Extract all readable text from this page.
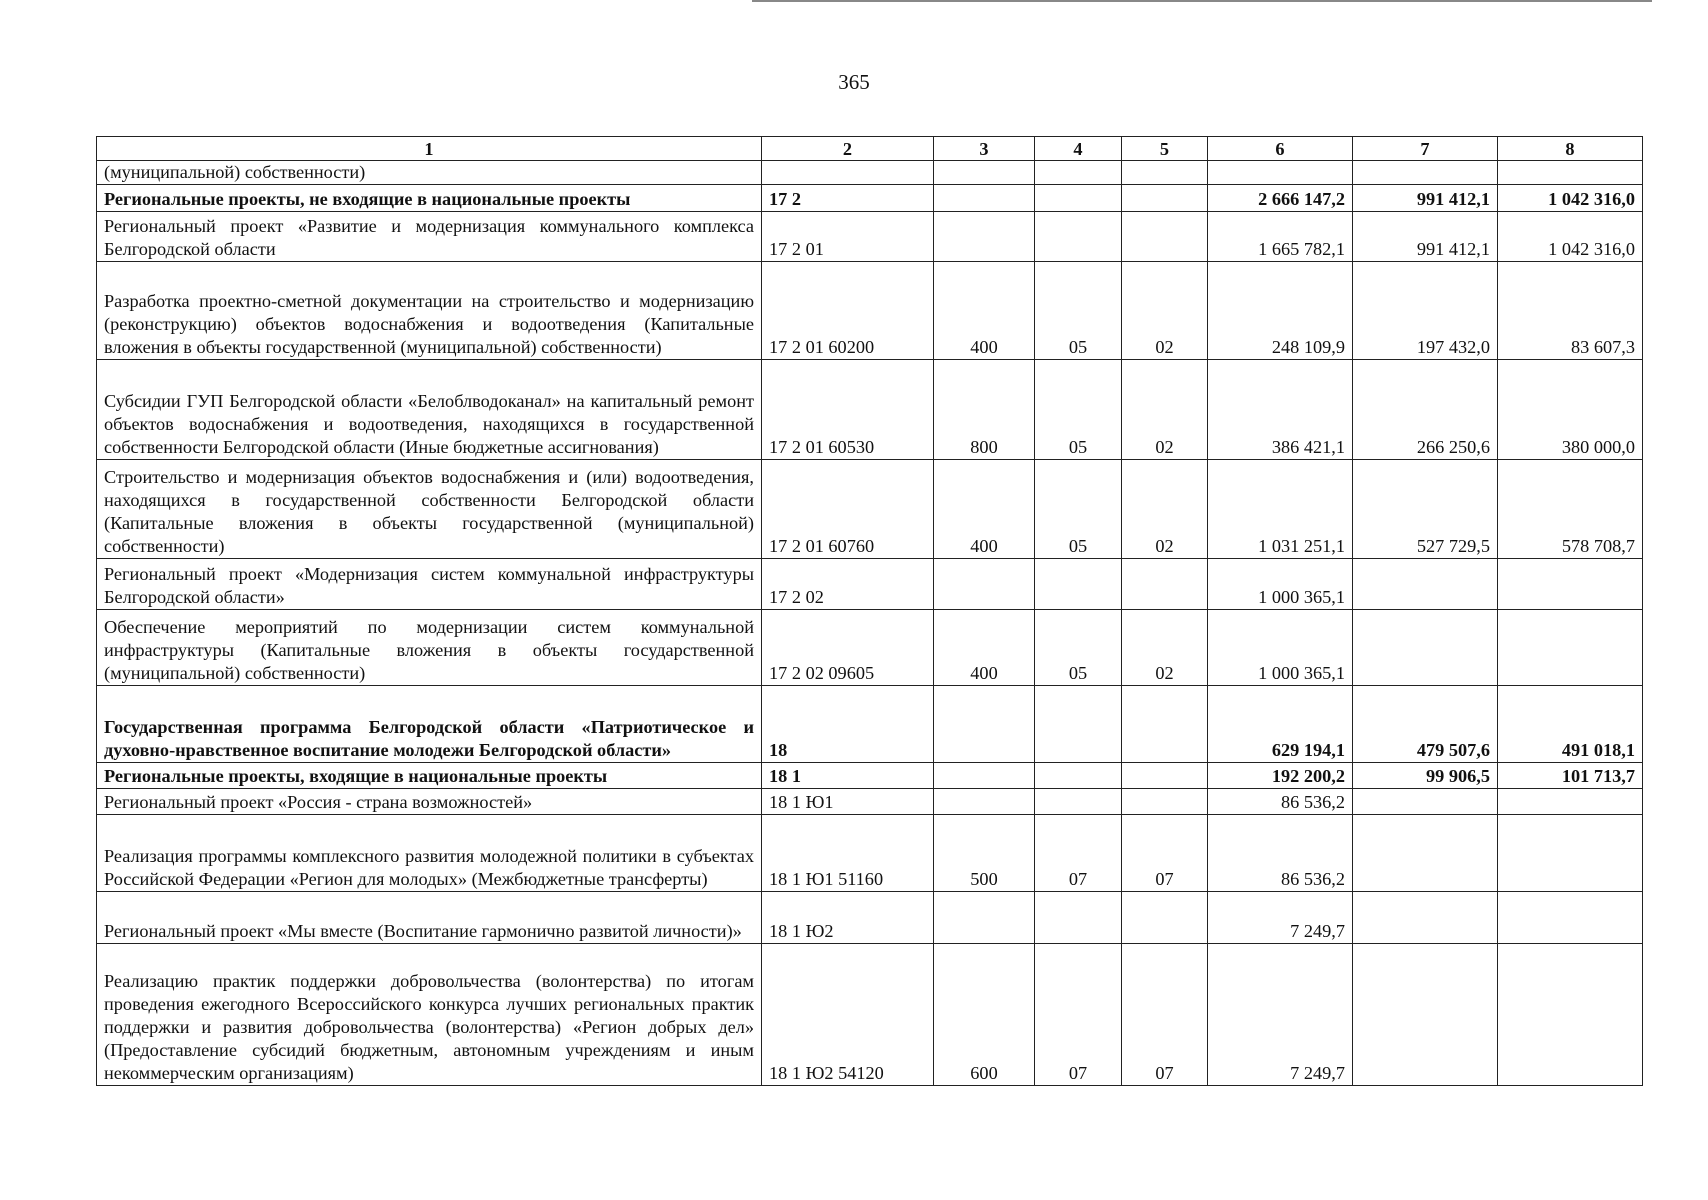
365
1	2	3	4	5	6	7	8
(муниципальной) собственности)							
Региональные проекты, не входящие в национальные проекты	17 2				2 666 147,2	991 412,1	1 042 316,0
Региональный проект «Развитие и модернизация коммунального комплекса Белгородской области	17 2 01				1 665 782,1	991 412,1	1 042 316,0
Разработка проектно-сметной документации на строительство и модернизацию (реконструкцию) объектов водоснабжения и водоотведения (Капитальные вложения в объекты государственной (муниципальной) собственности)	17 2 01 60200	400	05	02	248 109,9	197 432,0	83 607,3
Субсидии ГУП Белгородской области «Белоблводоканал» на капитальный ремонт объектов водоснабжения и водоотведения, находящихся в государственной собственности Белгородской области (Иные бюджетные ассигнования)	17 2 01 60530	800	05	02	386 421,1	266 250,6	380 000,0
Строительство и модернизация объектов водоснабжения и (или) водоотведения, находящихся в государственной собственности Белгородской области (Капитальные вложения в объекты государственной (муниципальной) собственности)	17 2 01 60760	400	05	02	1 031 251,1	527 729,5	578 708,7
Региональный проект «Модернизация систем коммунальной инфраструктуры Белгородской области»	17 2 02				1 000 365,1		
Обеспечение мероприятий по модернизации систем коммунальной инфраструктуры (Капитальные вложения в объекты государственной (муниципальной) собственности)	17 2 02 09605	400	05	02	1 000 365,1		
Государственная программа Белгородской области «Патриотическое и духовно-нравственное воспитание молодежи Белгородской области»	18				629 194,1	479 507,6	491 018,1
Региональные проекты, входящие в национальные проекты	18 1				192 200,2	99 906,5	101 713,7
Региональный проект «Россия - страна возможностей»	18 1 Ю1				86 536,2		
Реализация программы комплексного развития молодежной политики в субъектах Российской Федерации «Регион для молодых» (Межбюджетные трансферты)	18 1 Ю1 51160	500	07	07	86 536,2		
Региональный проект «Мы вместе (Воспитание гармонично развитой личности)»	18 1 Ю2				7 249,7		
Реализацию практик поддержки добровольчества (волонтерства) по итогам проведения ежегодного Всероссийского конкурса лучших региональных практик поддержки и развития добровольчества (волонтерства) «Регион добрых дел» (Предоставление субсидий бюджетным, автономным учреждениям и иным некоммерческим организациям)	18 1 Ю2 54120	600	07	07	7 249,7		
